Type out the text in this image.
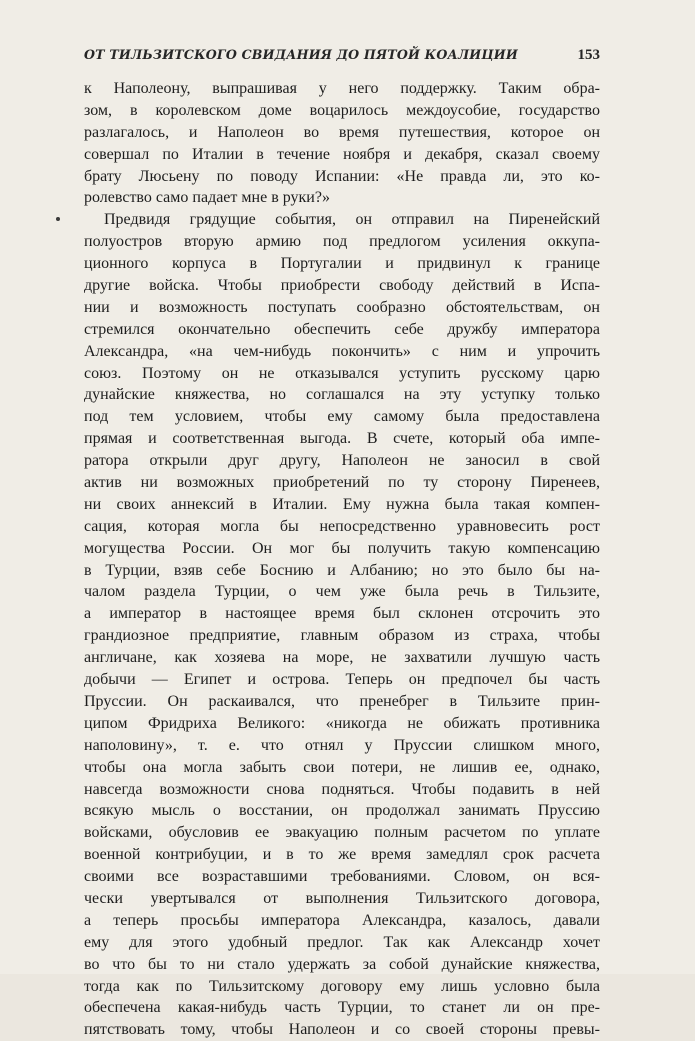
ОТ ТИЛЬЗИТСКОГО СВИДАНИЯ ДО ПЯТОЙ КОАЛИЦИИ	153
к Наполеону, выпрашивая у него поддержку. Таким обра-
зом, в королевском доме воцарилось междоусобие, государство
разлагалось, и Наполеон во время путешествия, которое он
совершал по Италии в течение ноября и декабря, сказал своему
брату Люсьену по поводу Испании: «Не правда ли, это ко-
ролевство само падает мне в руки?»
Предвидя грядущие события, он отправил на Пиренейский
полуостров вторую армию под предлогом усиления оккупа-
ционного корпуса в Португалии и придвинул к границе
другие войска. Чтобы приобрести свободу действий в Испа-
нии и возможность поступать сообразно обстоятельствам, он
стремился окончательно обеспечить себе дружбу императора
Александра, «на чем-нибудь покончить» с ним и упрочить
союз. Поэтому он не отказывался уступить русскому царю
дунайские княжества, но соглашался на эту уступку только
под тем условием, чтобы ему самому была предоставлена
прямая и соответственная выгода. В счете, который оба импе-
ратора открыли друг другу, Наполеон не заносил в свой
актив ни возможных приобретений по ту сторону Пиренеев,
ни своих аннексий в Италии. Ему нужна была такая компен-
сация, которая могла бы непосредственно уравновесить рост
могущества России. Он мог бы получить такую компенсацию
в Турции, взяв себе Боснию и Албанию; но это было бы на-
чалом раздела Турции, о чем уже была речь в Тильзите,
а император в настоящее время был склонен отсрочить это
грандиозное предприятие, главным образом из страха, чтобы
англичане, как хозяева на море, не захватили лучшую часть
добычи — Египет и острова. Теперь он предпочел бы часть
Пруссии. Он раскаивался, что пренебрег в Тильзите прин-
ципом Фридриха Великого: «никогда не обижать противника
наполовину», т. е. что отнял у Пруссии слишком много,
чтобы она могла забыть свои потери, не лишив ее, однако,
навсегда возможности снова подняться. Чтобы подавить в ней
всякую мысль о восстании, он продолжал занимать Пруссию
войсками, обусловив ее эвакуацию полным расчетом по уплате
военной контрибуции, и в то же время замедлял срок расчета
своими все возраставшими требованиями. Словом, он вся-
чески увертывался от выполнения Тильзитского договора,
а теперь просьбы императора Александра, казалось, давали
ему для этого удобный предлог. Так как Александр хочет
во что бы то ни стало удержать за собой дунайские княжества,
тогда как по Тильзитскому договору ему лишь условно была
обеспечена какая-нибудь часть Турции, то станет ли он пре-
пятствовать тому, чтобы Наполеон и со своей стороны превы-
